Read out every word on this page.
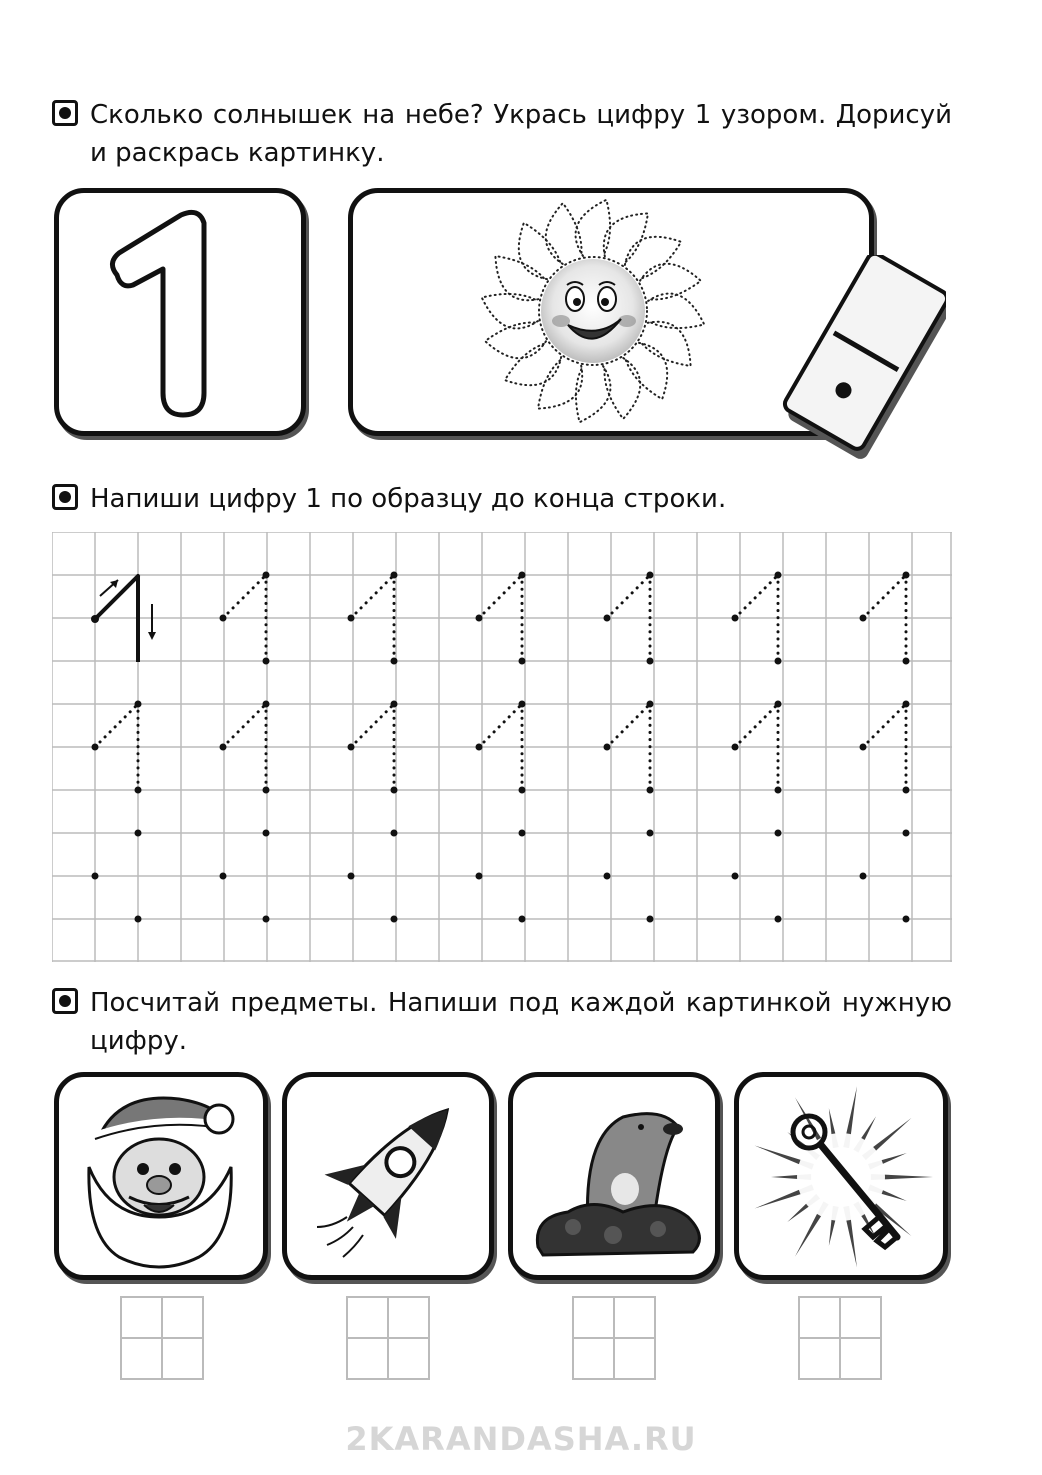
Сколько солнышек на небе? Укрась цифру 1 узором. Дорисуй и раскрась картинку.
Напиши цифру 1 по образцу до конца строки.
Посчитай предметы. Напиши под каждой картинкой нужную цифру.
2KARANDASHA.RU
